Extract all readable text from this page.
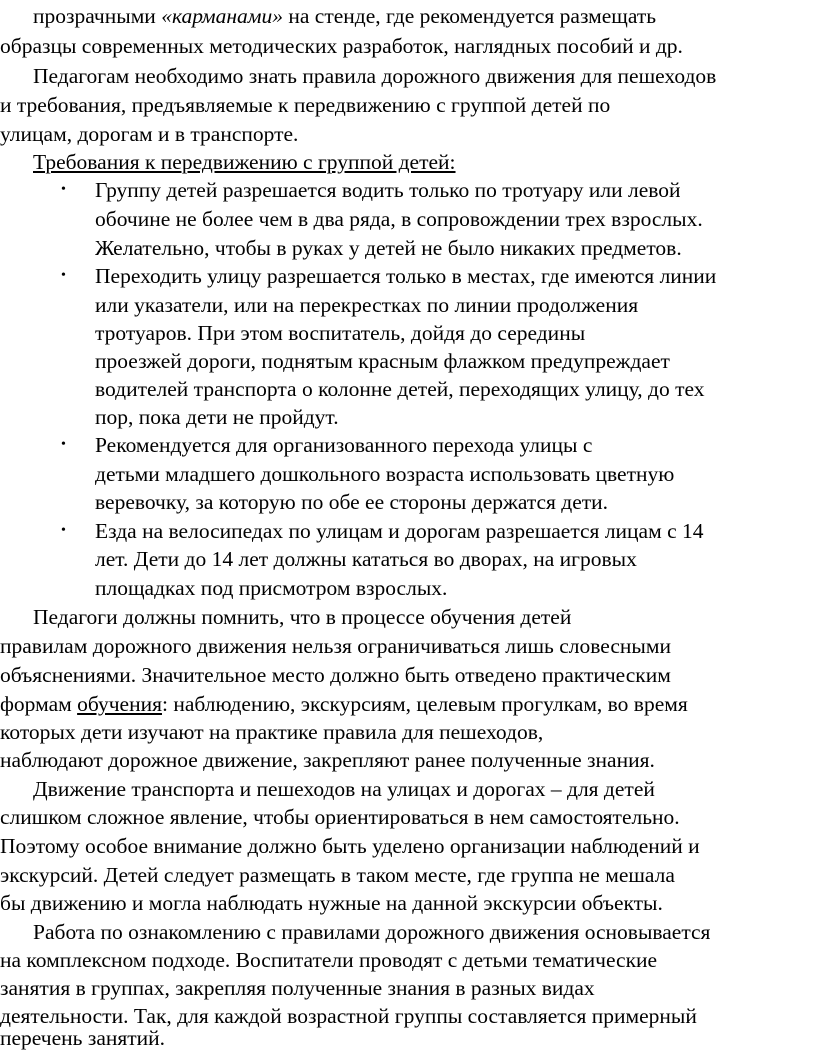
прозрачными «карманами» на стенде, где рекомендуется размещать
образцы современных методических разработок, наглядных пособий и др.
Педагогам необходимо знать правила дорожного движения для пешеходов
и требования, предъявляемые к передвижению с группой детей по
улицам, дорогам и в транспорте.
Требования к передвижению с группой детей:
• Группу детей разрешается водить только по тротуару или левой
обочине не более чем в два ряда, в сопровождении трех взрослых.
Желательно, чтобы в руках у детей не было никаких предметов.
• Переходить улицу разрешается только в местах, где имеются линии
или указатели, или на перекрестках по линии продолжения
тротуаров. При этом воспитатель, дойдя до середины
проезжей дороги, поднятым красным флажком предупреждает
водителей транспорта о колонне детей, переходящих улицу, до тех
пор, пока дети не пройдут.
• Рекомендуется для организованного перехода улицы с
детьми младшего дошкольного возраста использовать цветную
веревочку, за которую по обе ее стороны держатся дети.
• Езда на велосипедах по улицам и дорогам разрешается лицам с 14
лет. Дети до 14 лет должны кататься во дворах, на игровых
площадках под присмотром взрослых.
Педагоги должны помнить, что в процессе обучения детей
правилам дорожного движения нельзя ограничиваться лишь словесными
объяснениями. Значительное место должно быть отведено практическим
формам обучения: наблюдению, экскурсиям, целевым прогулкам, во время
которых дети изучают на практике правила для пешеходов,
наблюдают дорожное движение, закрепляют ранее полученные знания.
Движение транспорта и пешеходов на улицах и дорогах – для детей
слишком сложное явление, чтобы ориентироваться в нем самостоятельно.
Поэтому особое внимание должно быть уделено организации наблюдений и
экскурсий. Детей следует размещать в таком месте, где группа не мешала
бы движению и могла наблюдать нужные на данной экскурсии объекты.
Работа по ознакомлению с правилами дорожного движения основывается
на комплексном подходе. Воспитатели проводят с детьми тематические
занятия в группах, закрепляя полученные знания в разных видах
деятельности. Так, для каждой возрастной группы составляется примерный
перечень занятий.
